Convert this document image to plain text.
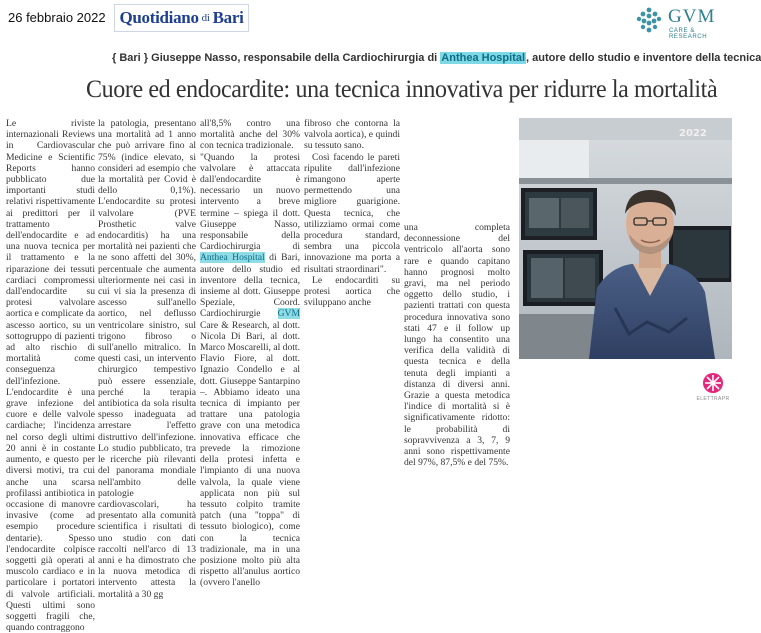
26 febbraio 2022 Quotidiano di Bari	GVM
CARE & RESEARCH
{ Bari } Giuseppe Nasso, responsabile della Cardiochirurgia di Anthea Hospital, autore dello studio e inventore della tecnica
Cuore ed endocardite: una tecnica innovativa per ridurre la mortalità
Le riviste internazionali Reviews in Cardiovascular Medicine e Scientific Reports hanno pubblicato due importanti studi relativi rispettivamente ai predittori per il trattamento dell'endocardite e ad una nuova tecnica per il trattamento e la riparazione dei tessuti cardiaci compromessi dall'endocardite su protesi valvolare aortica e complicate da ascesso aortico, su un sottogruppo di pazienti ad alto rischio di mortalità come conseguenza dell'infezione. L'endocardite è una grave infezione del cuore e delle valvole cardiache; l'incidenza nel corso degli ultimi 20 anni è in costante aumento, e questo per diversi motivi, tra cui anche una scarsa profilassi antibiotica in occasione di manovre invasive (come ad esempio procedure dentarie). Spesso l'endocardite colpisce soggetti già operati al muscolo cardiaco e in particolare i portatori di valvole artificiali. Questi ultimi sono soggetti fragili che, quando contraggono
la patologia, presentano una mortalità ad 1 anno che può arrivare fino al 75% (indice elevato, si consideri ad esempio che la mortalità per Covid è dello 0,1%). L'endocardite su protesi valvolare (PVE Prosthetic valve endocarditis) ha una mortalità nei pazienti che ne sono affetti del 30%, percentuale che aumenta ulteriormente nei casi in cui vi sia la presenza di ascesso sull'anello aortico, nel deflusso ventricolare sinistro, sul trigono fibroso o sull'anello mitralico. In questi casi, un intervento chirurgico tempestivo può essere essenziale, perché la terapia antibiotica da sola risulta spesso inadeguata ad arrestare l'effetto distruttivo dell'infezione. Lo studio pubblicato, tra le ricerche più rilevanti del panorama mondiale nell'ambito delle patologie cardiovascolari, ha presentato alla comunità scientifica i risultati di uno studio con dati raccolti nell'arco di 13 anni e ha dimostrato che la nuova metodica di intervento attesta la mortalità a 30 gg
all'8,5% contro una mortalità anche del 30% con tecnica tradizionale.
"Quando la protesi valvolare è attaccata dall'endocardite è necessario un nuovo intervento a breve termine – spiega il dott. Giuseppe Nasso, responsabile della Cardiochirurgia di Anthea Hospital di Bari, autore dello studio ed inventore della tecnica, insieme al dott. Giuseppe Speziale, Coord. Cardiochirurgie GVM Care & Research, al dott. Nicola Di Bari, al dott. Marco Moscarelli, al dott. Flavio Fiore, al dott. Ignazio Condello e al dott. Giuseppe Santarpino –. Abbiamo ideato una tecnica di impianto per trattare una patologia grave con una metodica innovativa efficace che prevede la rimozione della protesi infetta e l'impianto di una nuova valvola, la quale viene applicata non più sul tessuto colpito tramite patch (una "toppa" di tessuto biologico), come con la tecnica tradizionale, ma in una posizione molto più alta rispetto all'anulus aortico (ovvero l'anello
fibroso che contorna la valvola aortica), e quindi su tessuto sano.
Così facendo le pareti ripulite dall'infezione rimangono aperte permettendo una migliore guarigione. Questa tecnica, che utilizziamo ormai come procedura standard, sembra una piccola innovazione ma porta a risultati straordinari".
Le endocarditi su protesi aortica che sviluppano anche
una completa deconnessione del ventricolo all'aorta sono rare e quando capitano hanno prognosi molto gravi, ma nel periodo oggetto dello studio, i pazienti trattati con questa procedura innovativa sono stati 47 e il follow up lungo ha consentito una verifica della validità di questa tecnica e della tenuta degli impianti a distanza di diversi anni. Grazie a questa metodica l'indice di mortalità si è significativamente ridotto: le probabilità di sopravvivenza a 3, 7, 9 anni sono rispettivamente del 97%, 87,5% e del 75%.
2022
ELETTRAPR
